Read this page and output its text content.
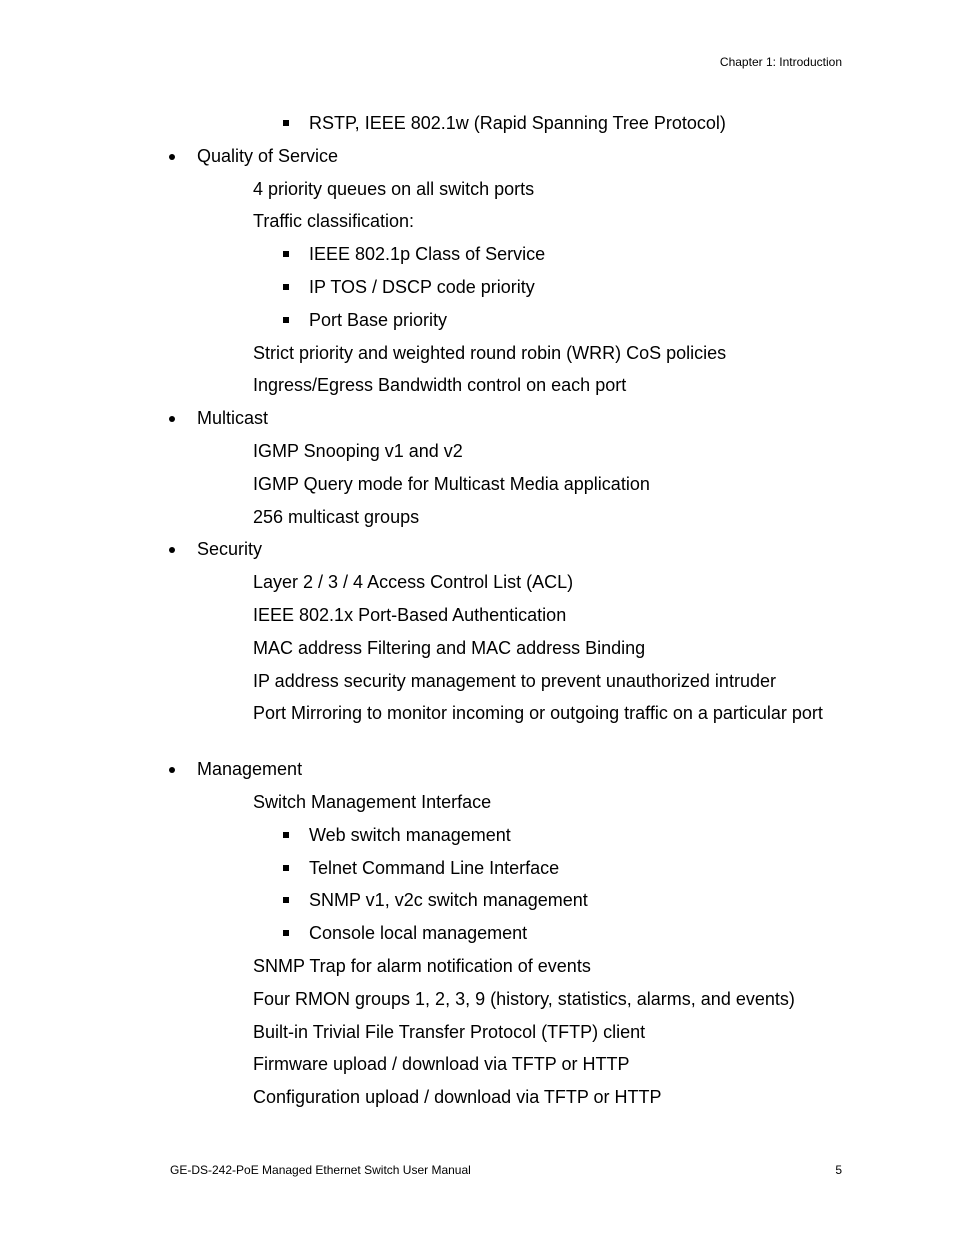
Chapter 1: Introduction
RSTP, IEEE 802.1w (Rapid Spanning Tree Protocol)
Quality of Service
4 priority queues on all switch ports
Traffic classification:
IEEE 802.1p Class of Service
IP TOS / DSCP code priority
Port Base priority
Strict priority and weighted round robin (WRR) CoS policies
Ingress/Egress Bandwidth control on each port
Multicast
IGMP Snooping v1 and v2
IGMP Query mode for Multicast Media application
256 multicast groups
Security
Layer 2 / 3 / 4 Access Control List (ACL)
IEEE 802.1x Port-Based Authentication
MAC address Filtering and MAC address Binding
IP address security management to prevent unauthorized intruder
Port Mirroring to monitor incoming or outgoing traffic on a particular port
Management
Switch Management Interface
Web switch management
Telnet Command Line Interface
SNMP v1, v2c switch management
Console local management
SNMP Trap for alarm notification of events
Four RMON groups 1, 2, 3, 9 (history, statistics, alarms, and events)
Built-in Trivial File Transfer Protocol (TFTP) client
Firmware upload / download via TFTP or HTTP
Configuration upload / download via TFTP or HTTP
GE-DS-242-PoE Managed Ethernet Switch User Manual	5
